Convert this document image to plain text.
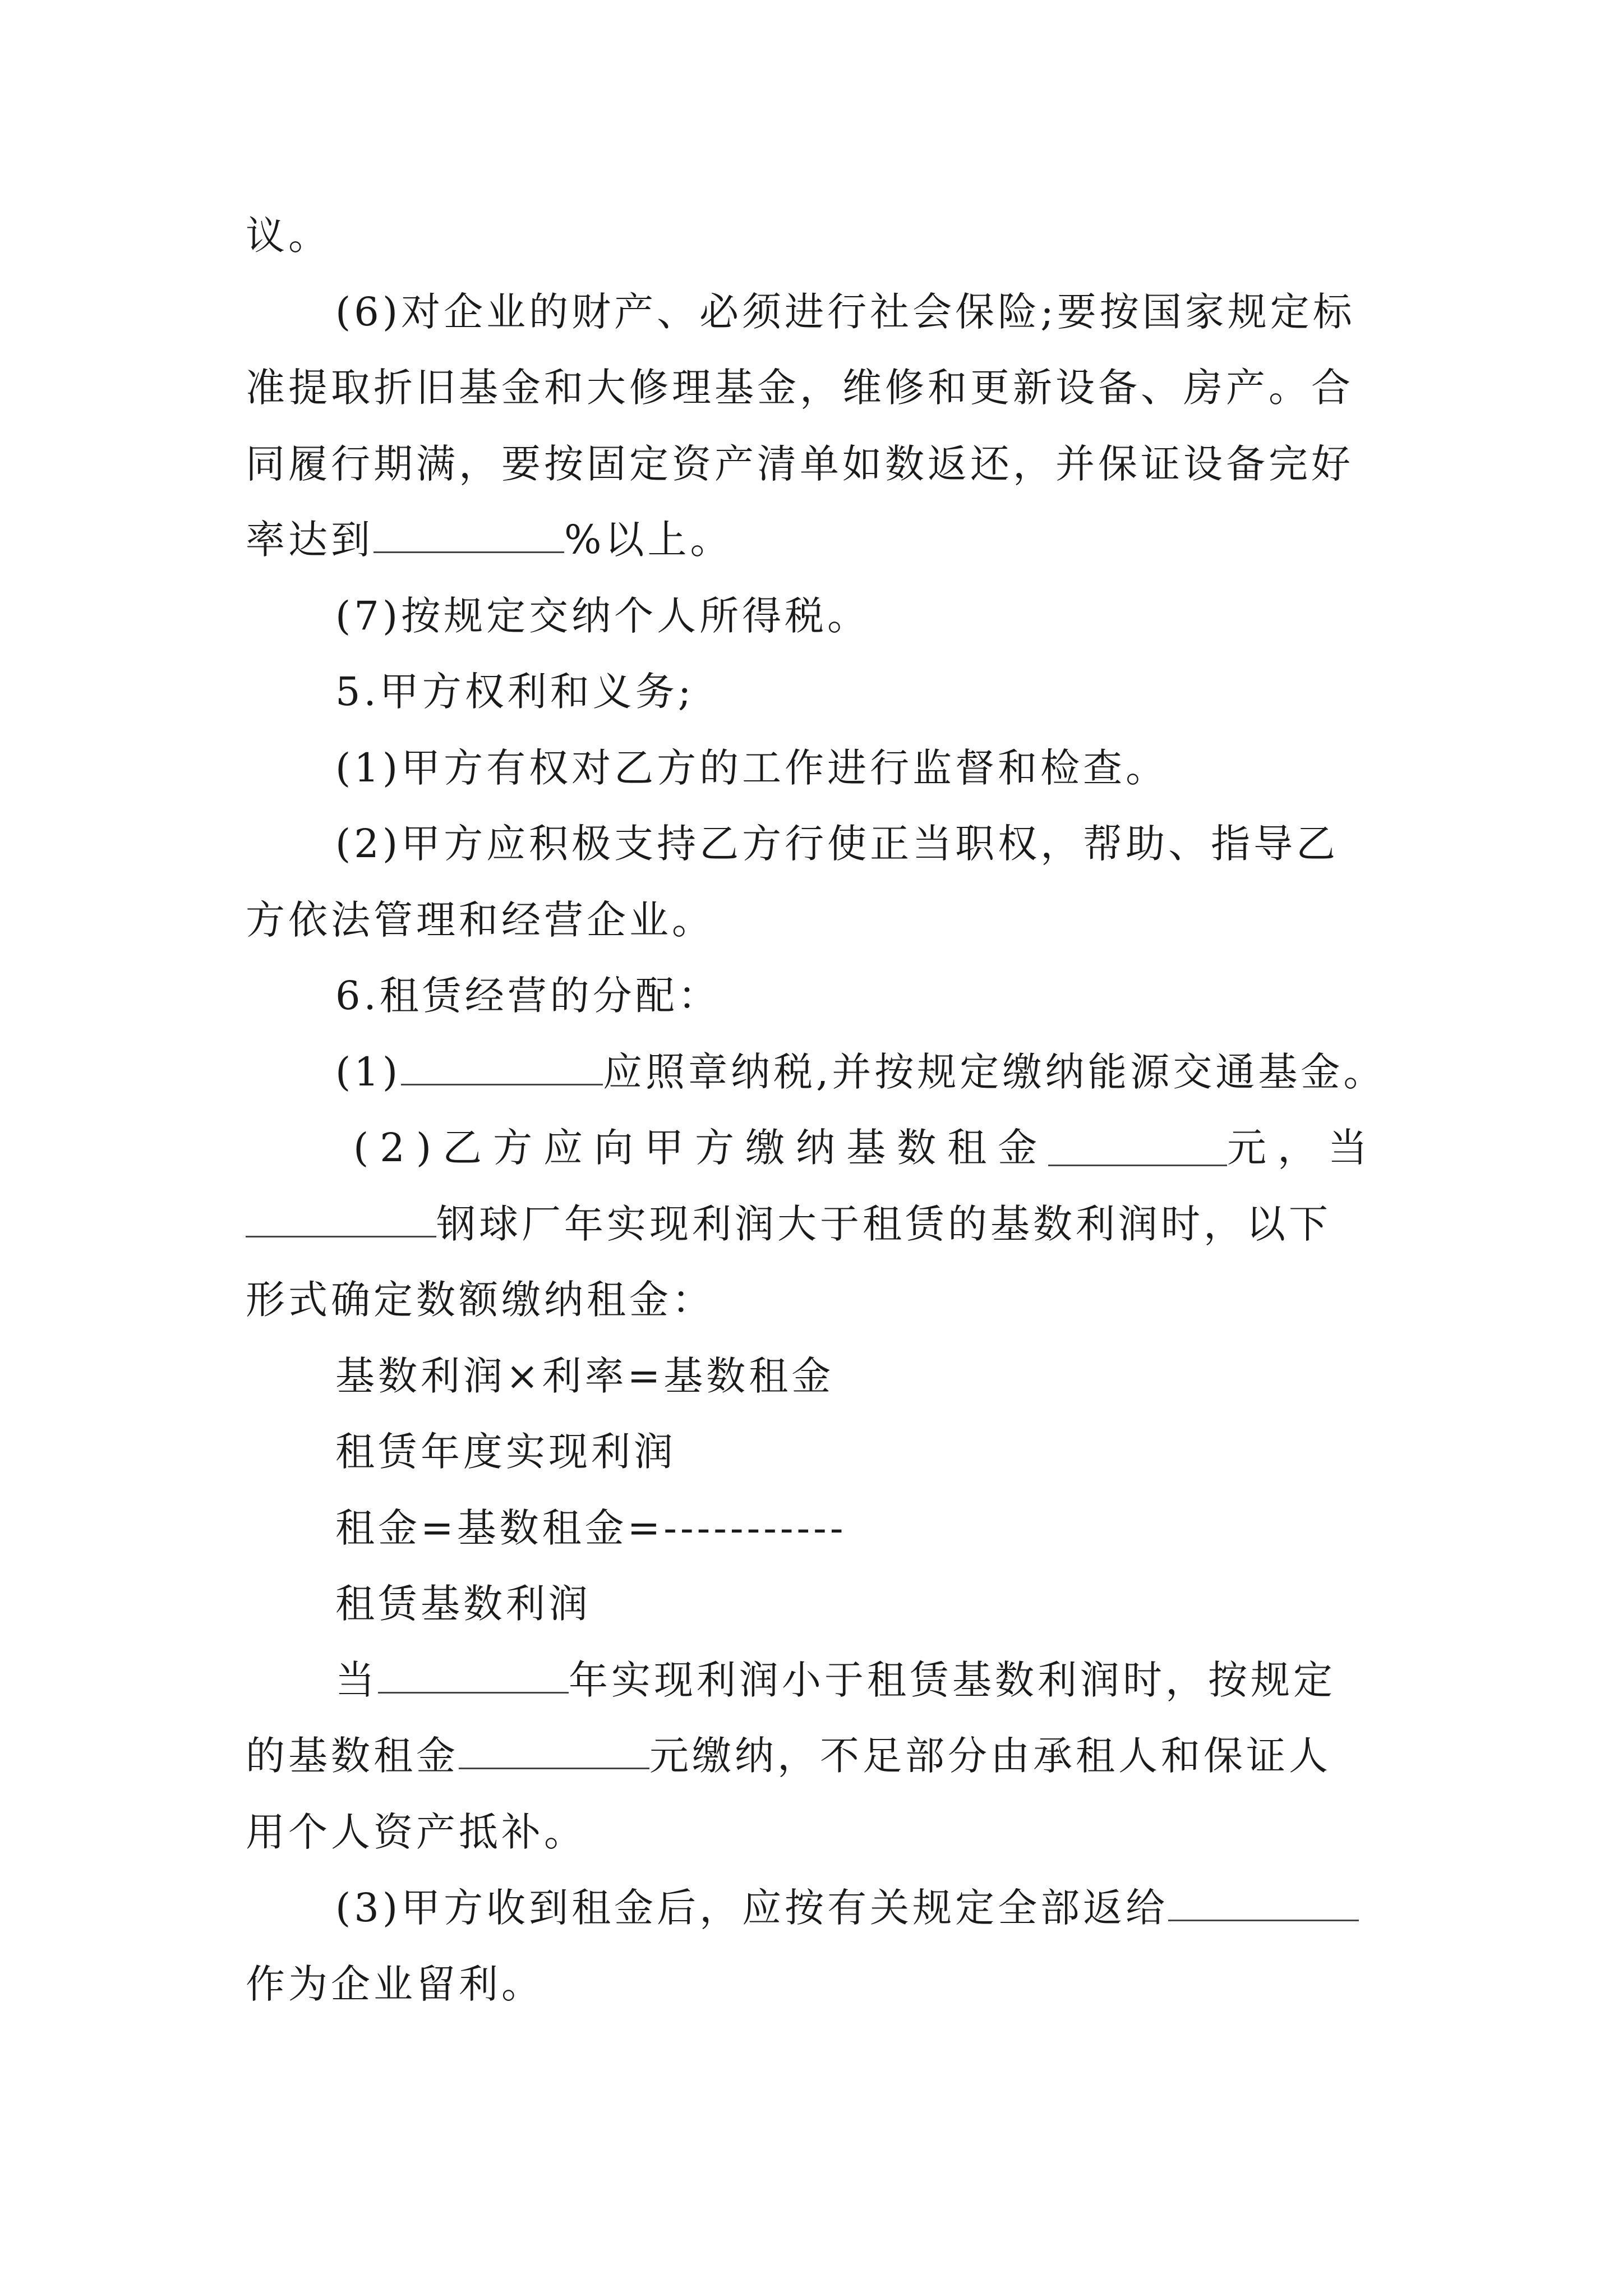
议。
(6)对企业的财产、必须进行社会保险;要按国家规定标
准提取折旧基金和大修理基金，维修和更新设备、房产。合
同履行期满，要按固定资产清单如数返还，并保证设备完好
率达到	%以上。
(7)按规定交纳个人所得税。
5.甲方权利和义务;
(1)甲方有权对乙方的工作进行监督和检查。
(2)甲方应积极支持乙方行使正当职权，帮助、指导乙
方依法管理和经营企业。
6.租赁经营的分配：
(1)	应照章纳税,并按规定缴纳能源交通基金。
(2)乙方应向甲方缴纳基数租金	元，当
钢球厂年实现利润大于租赁的基数利润时，以下
形式确定数额缴纳租金：
基数利润×利率=基数租金
租赁年度实现利润
租金=基数租金=-----------
租赁基数利润
当	年实现利润小于租赁基数利润时，按规定
的基数租金	元缴纳，不足部分由承租人和保证人
用个人资产抵补。
(3)甲方收到租金后，应按有关规定全部返给
作为企业留利。
